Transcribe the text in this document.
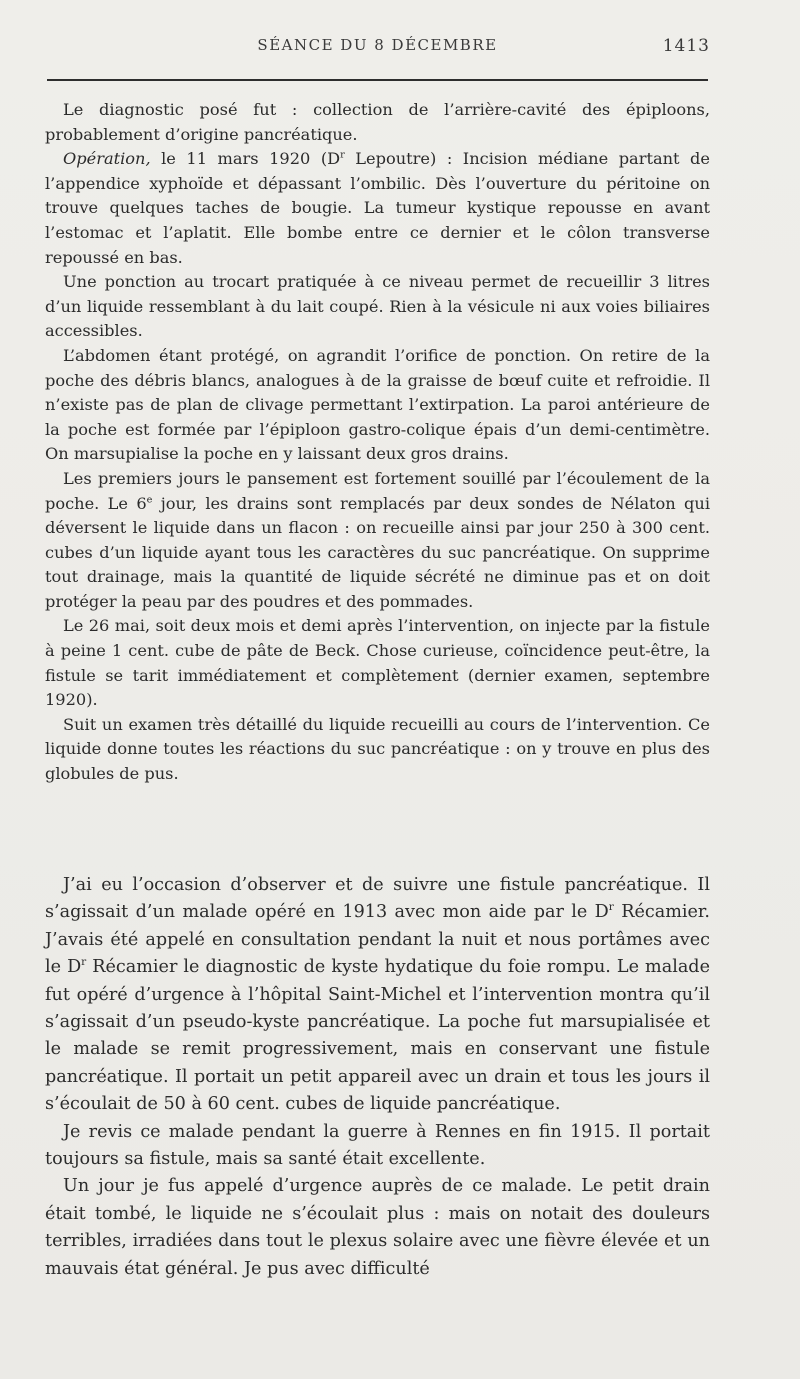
SÉANCE DU 8 DÉCEMBRE	1413

Le diagnostic posé fut : collection de l’arrière-cavité des épiploons, probablement d’origine pancréatique.

Opération, le 11 mars 1920 ($D^r$ Lepoutre) : Incision médiane partant de l’appendice xyphoïde et dépassant l’ombilic. Dès l’ouverture du péritoine on trouve quelques taches de bougie. La tumeur kystique repousse en avant l’estomac et l’aplatit. Elle bombe entre ce dernier et le côlon transverse repoussé en bas.

Une ponction au trocart pratiquée à ce niveau permet de recueillir 3 litres d’un liquide ressemblant à du lait coupé. Rien à la vésicule ni aux voies biliaires accessibles.

L’abdomen étant protégé, on agrandit l’orifice de ponction. On retire de la poche des débris blancs, analogues à de la graisse de bœuf cuite et refroidie. Il n’existe pas de plan de clivage permettant l’extirpation. La paroi antérieure de la poche est formée par l’épiploon gastro-colique épais d’un demi-centimètre. On marsupialise la poche en y laissant deux gros drains.

Les premiers jours le pansement est fortement souillé par l’écoulement de la poche. Le 6e jour, les drains sont remplacés par deux sondes de Nélaton qui déversent le liquide dans un flacon : on recueille ainsi par jour 250 à 300 cent. cubes d’un liquide ayant tous les caractères du suc pancréatique. On supprime tout drainage, mais la quantité de liquide sécrété ne diminue pas et on doit protéger la peau par des poudres et des pommades.

Le 26 mai, soit deux mois et demi après l’intervention, on injecte par la fistule à peine 1 cent. cube de pâte de Beck. Chose curieuse, coïncidence peut-être, la fistule se tarit immédiatement et complètement (dernier examen, septembre 1920).

Suit un examen très détaillé du liquide recueilli au cours de l’intervention. Ce liquide donne toutes les réactions du suc pancréatique : on y trouve en plus des globules de pus.

J’ai eu l’occasion d’observer et de suivre une fistule pancréatique. Il s’agissait d’un malade opéré en 1913 avec mon aide par le $D^r$ Récamier. J’avais été appelé en consultation pendant la nuit et nous portâmes avec le $D^r$ Récamier le diagnostic de kyste hydatique du foie rompu. Le malade fut opéré d’urgence à l’hôpital Saint-Michel et l’intervention montra qu’il s’agissait d’un pseudo-kyste pancréatique. La poche fut marsupialisée et le malade se remit progressivement, mais en conservant une fistule pancréatique. Il portait un petit appareil avec un drain et tous les jours il s’écoulait de 50 à 60 cent. cubes de liquide pancréatique.

Je revis ce malade pendant la guerre à Rennes en fin 1915. Il portait toujours sa fistule, mais sa santé était excellente.

Un jour je fus appelé d’urgence auprès de ce malade. Le petit drain était tombé, le liquide ne s’écoulait plus : mais on notait des douleurs terribles, irradiées dans tout le plexus solaire avec une fièvre élevée et un mauvais état général. Je pus avec difficulté
